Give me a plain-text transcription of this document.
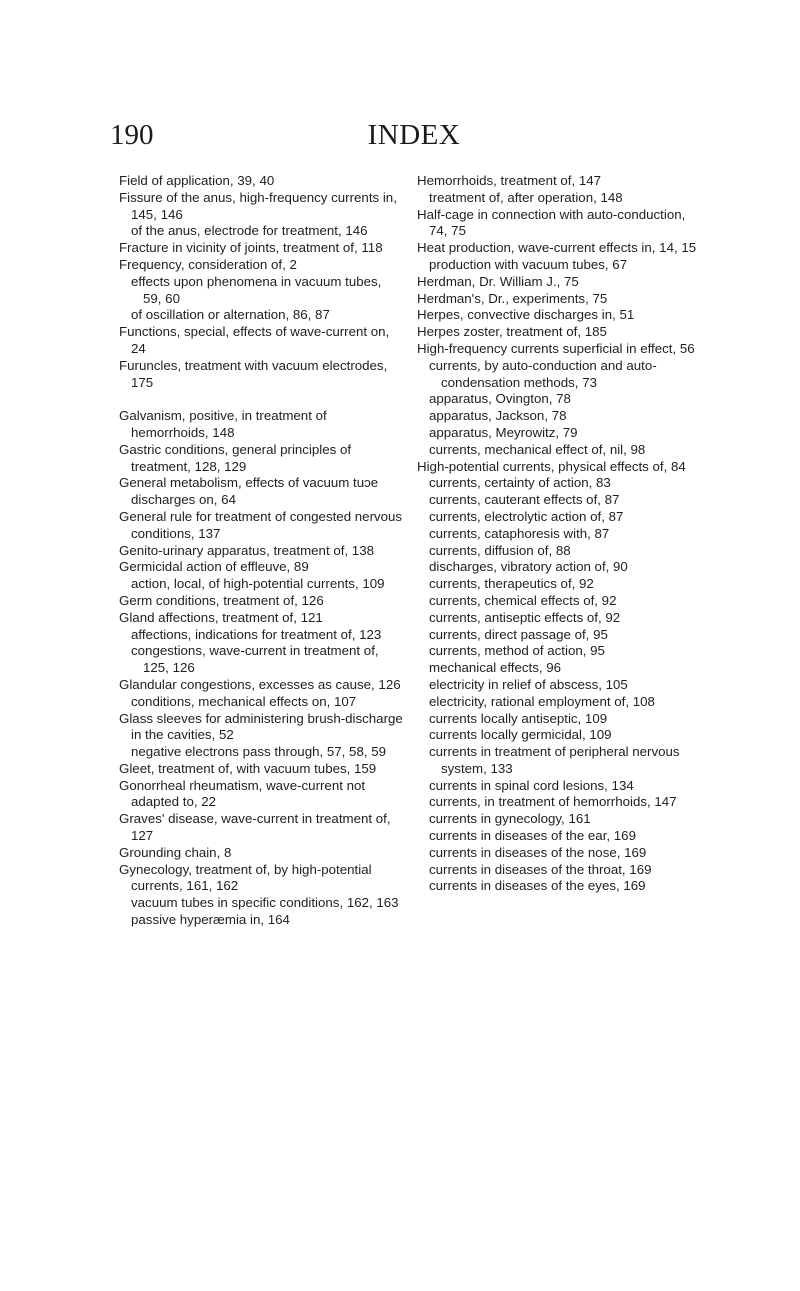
190	INDEX
Field of application, 39, 40
Fissure of the anus, high-frequency currents in, 145, 146
of the anus, electrode for treatment, 146
Fracture in vicinity of joints, treatment of, 118
Frequency, consideration of, 2
effects upon phenomena in vacuum tubes, 59, 60
of oscillation or alternation, 86, 87
Functions, special, effects of wave-current on, 24
Furuncles, treatment with vacuum electrodes, 175
Galvanism, positive, in treatment of hemorrhoids, 148
Gastric conditions, general principles of treatment, 128, 129
General metabolism, effects of vacuum tuɔe discharges on, 64
General rule for treatment of congested nervous conditions, 137
Genito-urinary apparatus, treatment of, 138
Germicidal action of effleuve, 89
action, local, of high-potential currents, 109
Germ conditions, treatment of, 126
Gland affections, treatment of, 121
affections, indications for treatment of, 123
congestions, wave-current in treatment of, 125, 126
Glandular congestions, excesses as cause, 126
conditions, mechanical effects on, 107
Glass sleeves for administering brush-discharge in the cavities, 52
negative electrons pass through, 57, 58, 59
Gleet, treatment of, with vacuum tubes, 159
Gonorrheal rheumatism, wave-current not adapted to, 22
Graves' disease, wave-current in treatment of, 127
Grounding chain, 8
Gynecology, treatment of, by high-potential currents, 161, 162
vacuum tubes in specific conditions, 162, 163
passive hyperæmia in, 164
Hemorrhoids, treatment of, 147
treatment of, after operation, 148
Half-cage in connection with auto-conduction, 74, 75
Heat production, wave-current effects in, 14, 15
production with vacuum tubes, 67
Herdman, Dr. William J., 75
Herdman's, Dr., experiments, 75
Herpes, convective discharges in, 51
Herpes zoster, treatment of, 185
High-frequency currents superficial in effect, 56
currents, by auto-conduction and auto-condensation methods, 73
apparatus, Ovington, 78
apparatus, Jackson, 78
apparatus, Meyrowitz, 79
currents, mechanical effect of, nil, 98
High-potential currents, physical effects of, 84
currents, certainty of action, 83
currents, cauterant effects of, 87
currents, electrolytic action of, 87
currents, cataphoresis with, 87
currents, diffusion of, 88
discharges, vibratory action of, 90
currents, therapeutics of, 92
currents, chemical effects of, 92
currents, antiseptic effects of, 92
currents, direct passage of, 95
currents, method of action, 95
mechanical effects, 96
electricity in relief of abscess, 105
electricity, rational employment of, 108
currents locally antiseptic, 109
currents locally germicidal, 109
currents in treatment of peripheral nervous system, 133
currents in spinal cord lesions, 134
currents, in treatment of hemorrhoids, 147
currents in gynecology, 161
currents in diseases of the ear, 169
currents in diseases of the nose, 169
currents in diseases of the throat, 169
currents in diseases of the eyes, 169
